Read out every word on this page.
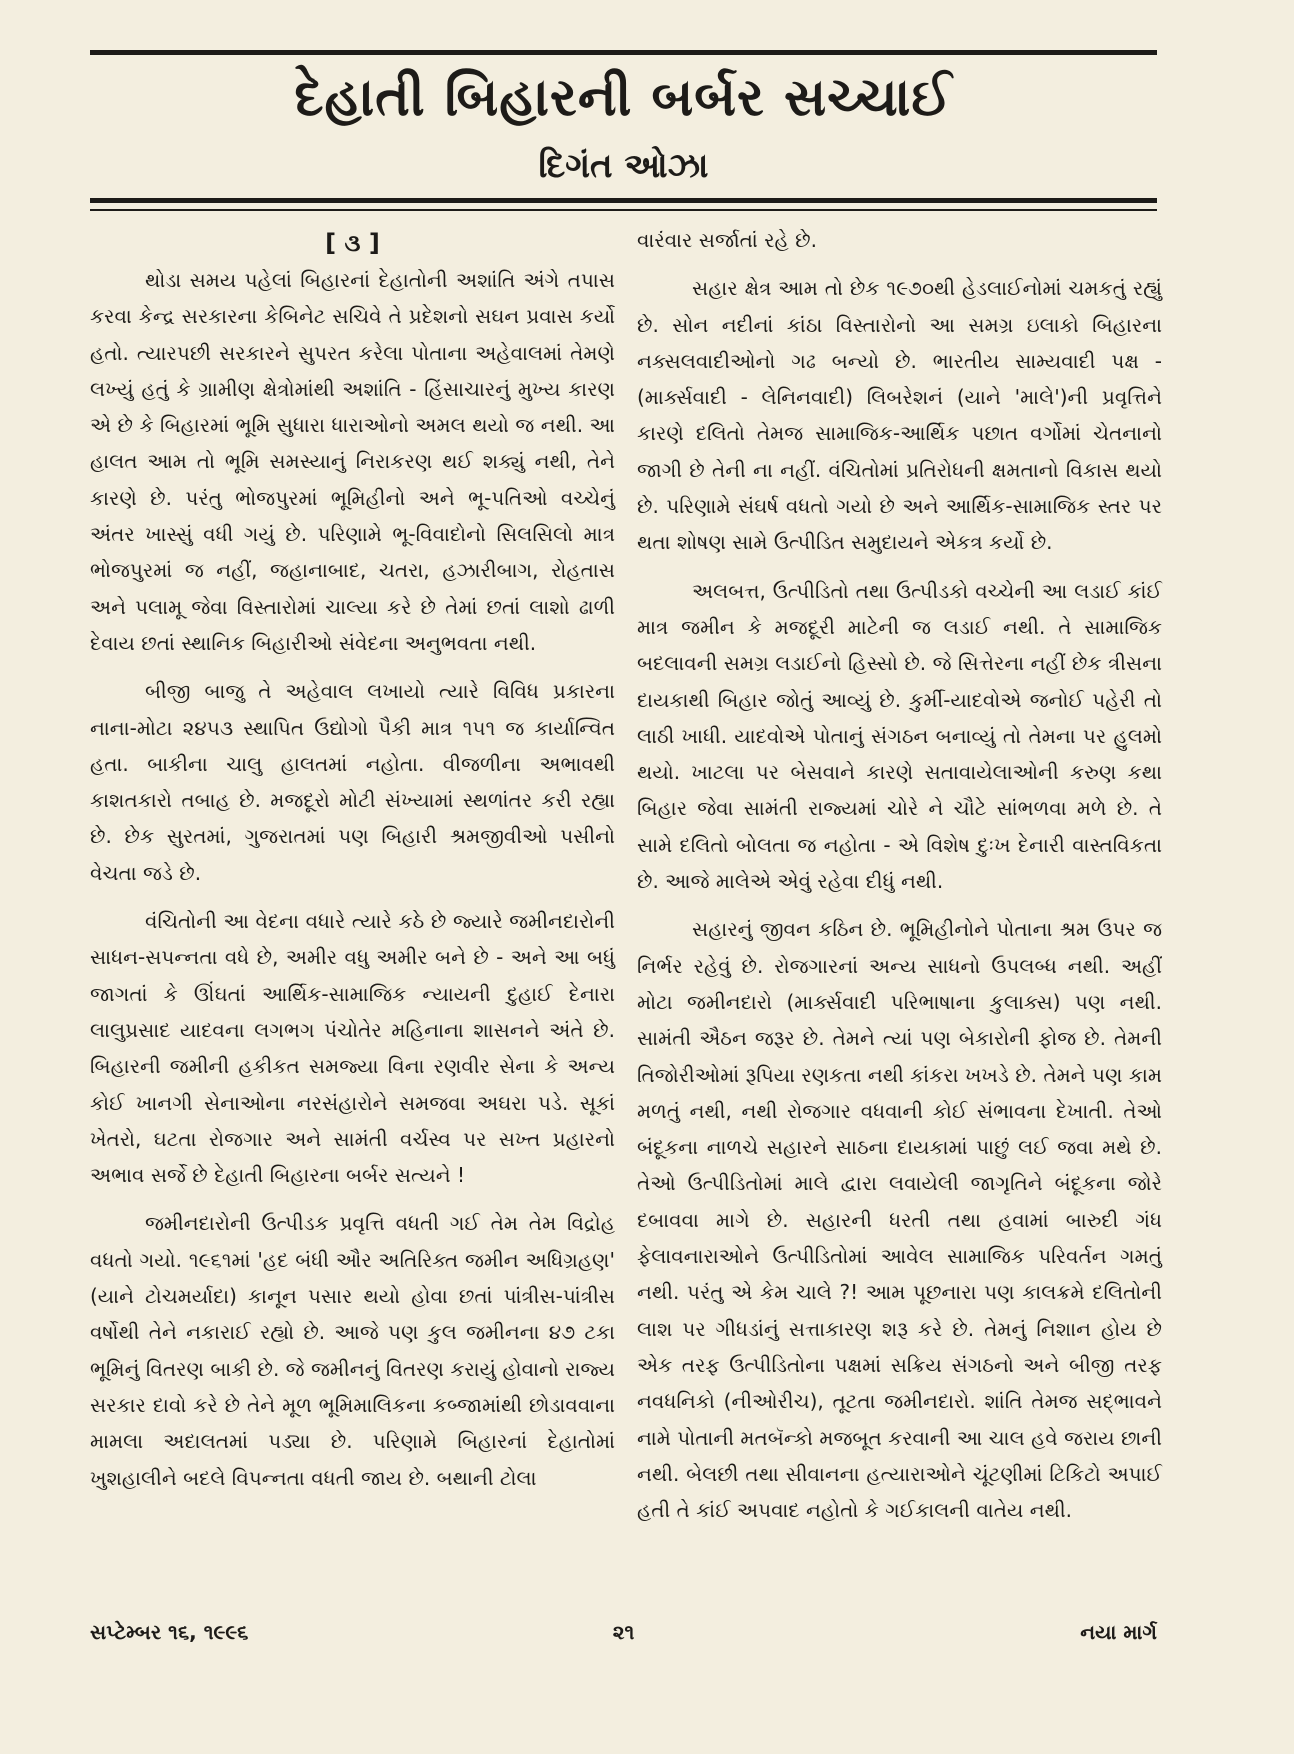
દેહાતી બિહારની બર્બર સચ્ચાઈ
દિગંત ઓઝા
[ ૩ ]

થોડા સમય પહેલાં બિહારનાં દેહાતોની અશાંતિ અંગે તપાસ કરવા કેન્દ્ર સરકારના કેબિનેટ સચિવે તે પ્રદેશનો સઘન પ્રવાસ કર્યો હતો. ત્યારપછી સરકારને સુપરત કરેલા પોતાના અહેવાલમાં તેમણે લખ્યું હતું કે ગ્રામીણ ક્ષેત્રોમાંથી અશાંતિ - હિંસાચારનું મુખ્ય કારણ એ છે કે બિહારમાં ભૂમિ સુધારા ધારાઓનો અમલ થયો જ નથી. આ હાલત આમ તો ભૂમિ સમસ્યાનું નિરાકરણ થઈ શક્યું નથી, તેને કારણે છે. પરંતુ ભોજપુરમાં ભૂમિહીનો અને ભૂ-પતિઓ વચ્ચેનું અંતર ખાસ્સું વધી ગયું છે. પરિણામે ભૂ-વિવાદોનો સિલસિલો માત્ર ભોજપુરમાં જ નહીં, જહાનાબાદ, ચતરા, હઝારીબાગ, રોહતાસ અને પલામૂ જેવા વિસ્તારોમાં ચાલ્યા કરે છે તેમાં છતાં લાશો ઢાળી દેવાય છતાં સ્થાનિક બિહારીઓ સંવેદના અનુભવતા નથી.

બીજી બાજુ તે અહેવાલ લખાયો ત્યારે વિવિધ પ્રકારના નાના-મોટા ૨૪૫૩ સ્થાપિત ઉદ્યોગો પૈકી માત્ર ૧૫૧ જ કાર્યાન્વિત હતા. બાકીના ચાલુ હાલતમાં નહોતા. વીજળીના અભાવથી કાશતકારો તબાહ છે. મજદૂરો મોટી સંખ્યામાં સ્થળાંતર કરી રહ્યા છે. છેક સુરતમાં, ગુજરાતમાં પણ બિહારી શ્રમજીવીઓ પસીનો વેચતા જડે છે.

વંચિતોની આ વેદના વધારે ત્યારે કઠે છે જ્યારે જમીનદારોની સાધન-સપન્નતા વધે છે, અમીર વધુ અમીર બને છે - અને આ બધું જાગતાં કે ઊંઘતાં આર્થિક-સામાજિક ન્યાયની દુહાઈ દેનારા લાલુપ્રસાદ યાદવના લગભગ પંચોતેર મહિનાના શાસનને અંતે છે. બિહારની જમીની હકીકત સમજ્યા વિના રણવીર સેના કે અન્ય કોઈ ખાનગી સેનાઓના નરસંહારોને સમજવા અઘરા પડે. સૂકાં ખેતરો, ઘટતા રોજગાર અને સામંતી વર્ચસ્વ પર સખ્ત પ્રહારનો અભાવ સર્જે છે દેહાતી બિહારના બર્બર સત્યને !

જમીનદારોની ઉત્પીડક પ્રવૃત્તિ વધતી ગઈ તેમ તેમ વિદ્રોહ વધતો ગયો. ૧૯૬૧માં 'હદ બંધી ઔર અતિરિક્ત જમીન અધિગ્રહણ' (યાને ટોચમર્યાદા) કાનૂન પસાર થયો હોવા છતાં પાંત્રીસ-પાંત્રીસ વર્ષોથી તેને નકારાઈ રહ્યો છે. આજે પણ કુલ જમીનના ૪૭ ટકા ભૂમિનું વિતરણ બાકી છે. જે જમીનનું વિતરણ કરાયું હોવાનો રાજ્ય સરકાર દાવો કરે છે તેને મૂળ ભૂમિમાલિકના કબ્જામાંથી છોડાવવાના મામલા અદાલતમાં પડ્યા છે. પરિણામે બિહારનાં દેહાતોમાં ખુશહાલીને બદલે વિપન્નતા વધતી જાય છે. બથાની ટોલા

વારંવાર સર્જાતાં રહે છે.

સહાર ક્ષેત્ર આમ તો છેક ૧૯૭૦થી હેડલાઈનોમાં ચમકતું રહ્યું છે. સોન નદીનાં કાંઠા વિસ્તારોનો આ સમગ્ર ઇલાકો બિહારના નક્સલવાદીઓનો ગઢ બન્યો છે. ભારતીય સામ્યવાદી પક્ષ - (માર્ક્સવાદી - લેનિનવાદી) લિબરેશનં (યાને 'માલે')ની પ્રવૃત્તિને કારણે દલિતો તેમજ સામાજિક-આર્થિક પછાત વર્ગોમાં ચેતનાનો જાગી છે તેની ના નહીં. વંચિતોમાં પ્રતિરોધની ક્ષમતાનો વિકાસ થયો છે. પરિણામે સંઘર્ષ વધતો ગયો છે અને આર્થિક-સામાજિક સ્તર પર થતા શોષણ સામે ઉત્પીડિત સમુદાયને એકત્ર કર્યો છે.

અલબત્ત, ઉત્પીડિતો તથા ઉત્પીડકો વચ્ચેની આ લડાઈ કાંઈ માત્ર જમીન કે મજદૂરી માટેની જ લડાઈ નથી. તે સામાજિક બદલાવની સમગ્ર લડાઈનો હિસ્સો છે. જે સિત્તેરના નહીં છેક ત્રીસના દાયકાથી બિહાર જોતું આવ્યું છે. કુર્મી-યાદવોએ જનોઈ પહેરી તો લાઠી ખાધી. યાદવોએ પોતાનું સંગઠન બનાવ્યું તો તેમના પર હુલમો થયો. ખાટલા પર બેસવાને કારણે સતાવાયેલાઓની કરુણ કથા બિહાર જેવા સામંતી રાજ્યમાં ચોરે ને ચૌટે સાંભળવા મળે છે. તે સામે દલિતો બોલતા જ નહોતા - એ વિશેષ દુઃખ દેનારી વાસ્તવિકતા છે. આજે માલેએ એવું રહેવા દીધું નથી.

સહારનું જીવન કઠિન છે. ભૂમિહીનોને પોતાના શ્રમ ઉપર જ નિર્ભર રહેવું છે. રોજગારનાં અન્ય સાધનો ઉપલબ્ધ નથી. અહીં મોટા જમીનદારો (માર્ક્સવાદી પરિભાષાના કુલાક્સ) પણ નથી. સામંતી ઐઠન જરૂર છે. તેમને ત્યાં પણ બેકારોની ફોજ છે. તેમની તિજોરીઓમાં રૂપિયા રણકતા નથી કાંકરા ખખડે છે. તેમને પણ કામ મળતું નથી, નથી રોજગાર વધવાની કોઈ સંભાવના દેખાતી. તેઓ બંદૂકના નાળચે સહારને સાઠના દાયકામાં પાછું લઈ જવા મથે છે. તેઓ ઉત્પીડિતોમાં માલે દ્વારા લવાયેલી જાગૃતિને બંદૂકના જોરે દબાવવા માગે છે. સહારની ધરતી તથા હવામાં બારુદી ગંધ ફેલાવનારાઓને ઉત્પીડિતોમાં આવેલ સામાજિક પરિવર્તન ગમતું નથી. પરંતુ એ કેમ ચાલે ?! આમ પૂછનારા પણ કાલક્રમે દલિતોની લાશ પર ગીધડાંનું સત્તાકારણ શરૂ કરે છે. તેમનું નિશાન હોય છે એક તરફ ઉત્પીડિતોના પક્ષમાં સક્રિય સંગઠનો અને બીજી તરફ નવધનિકો (નીઓરીચ), તૂટતા જમીનદારો. શાંતિ તેમજ સદ્ભાવને નામે પોતાની મતબૅન્કો મજબૂત કરવાની આ ચાલ હવે જરાય છાની નથી. બેલછી તથા સીવાનના હત્યારાઓને ચૂંટણીમાં ટિકિટો અપાઈ હતી તે કાંઈ અપવાદ નહોતો કે ગઈકાલની વાતેય નથી.

સપ્ટેમ્બર ૧૬, ૧૯૯૬	૨૧	નયા માર્ગ
